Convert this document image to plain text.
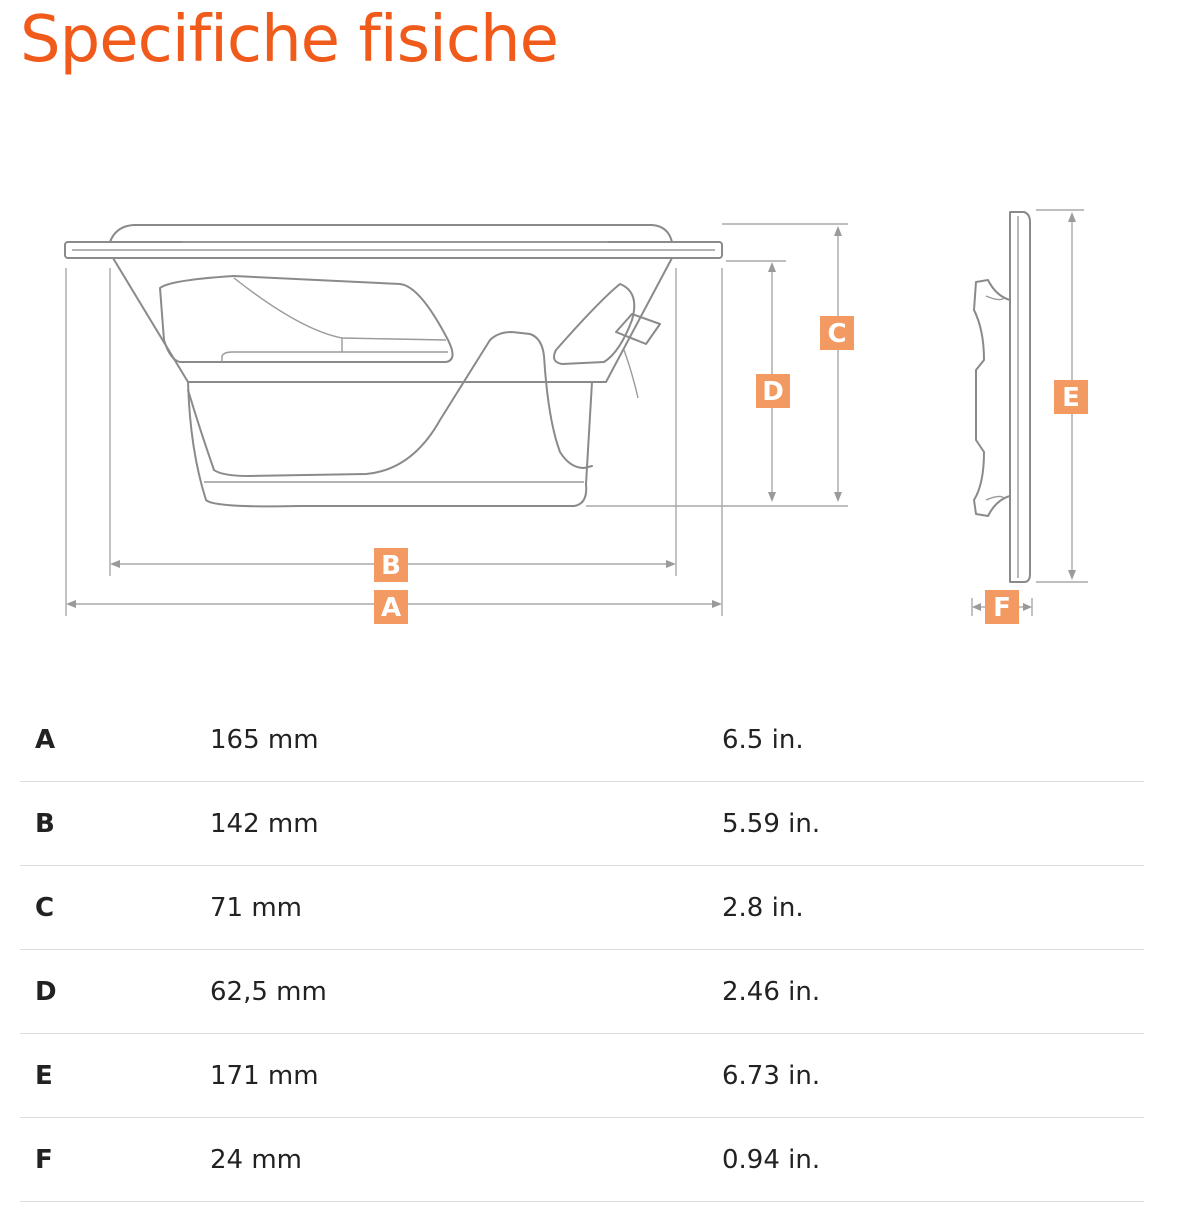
Specifiche fisiche
A
B
C
D	E
F
A	165 mm	6.5 in.
B	142 mm	5.59 in.
C	71 mm	2.8 in.
D	62,5 mm	2.46 in.
E	171 mm	6.73 in.
F	24 mm	0.94 in.
